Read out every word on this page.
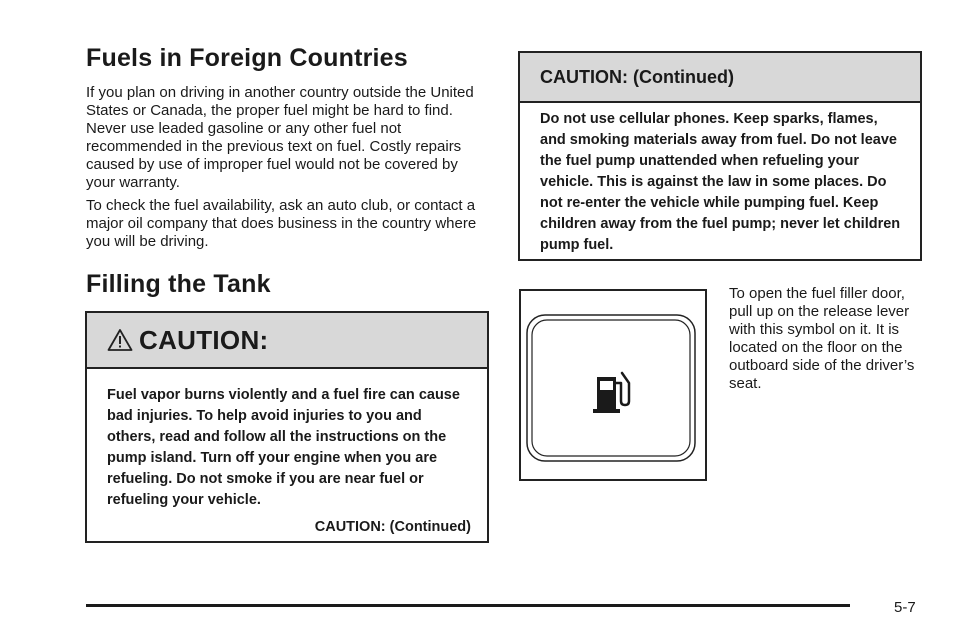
Fuels in Foreign Countries
If you plan on driving in another country outside the United States or Canada, the proper fuel might be hard to find. Never use leaded gasoline or any other fuel not recommended in the previous text on fuel. Costly repairs caused by use of improper fuel would not be covered by your warranty.
To check the fuel availability, ask an auto club, or contact a major oil company that does business in the country where you will be driving.
Filling the Tank
CAUTION:
Fuel vapor burns violently and a fuel fire can cause bad injuries. To help avoid injuries to you and others, read and follow all the instructions on the pump island. Turn off your engine when you are refueling. Do not smoke if you are near fuel or refueling your vehicle.
CAUTION: (Continued)
CAUTION: (Continued)
Do not use cellular phones. Keep sparks, flames, and smoking materials away from fuel. Do not leave the fuel pump unattended when refueling your vehicle. This is against the law in some places. Do not re-enter the vehicle while pumping fuel. Keep children away from the fuel pump; never let children pump fuel.
To open the fuel filler door, pull up on the release lever with this symbol on it. It is located on the floor on the outboard side of the driver’s seat.
5-7
